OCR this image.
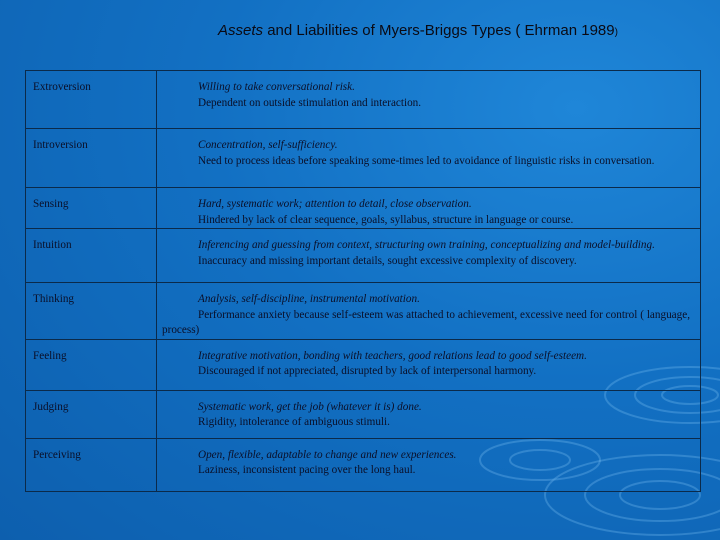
Assets and Liabilities of Myers-Briggs Types ( Ehrman 1989)
Extroversion	Willing to take conversational risk.
Dependent on outside stimulation and interaction.

Introversion	Concentration, self-sufficiency.
Need to process ideas before speaking some-times led to avoidance of linguistic risks in conversation.

Sensing	Hard, systematic work; attention to detail, close observation.
Hindered by lack of clear sequence, goals, syllabus, structure in language or course.

Intuition	Inferencing and guessing from context, structuring own training, conceptualizing and model-building.
Inaccuracy and missing important details, sought excessive complexity of discovery.

Thinking	Analysis, self-discipline, instrumental motivation.
Performance anxiety because self-esteem was attached to achievement, excessive need for control ( language, process)

Feeling	Integrative motivation, bonding with teachers, good relations lead to good self-esteem.
Discouraged if not appreciated, disrupted by lack of interpersonal harmony.

Judging	Systematic work, get the job (whatever it is) done.
Rigidity, intolerance of ambiguous stimuli.

Perceiving	Open, flexible, adaptable to change and new experiences.
Laziness, inconsistent pacing over the long haul.
